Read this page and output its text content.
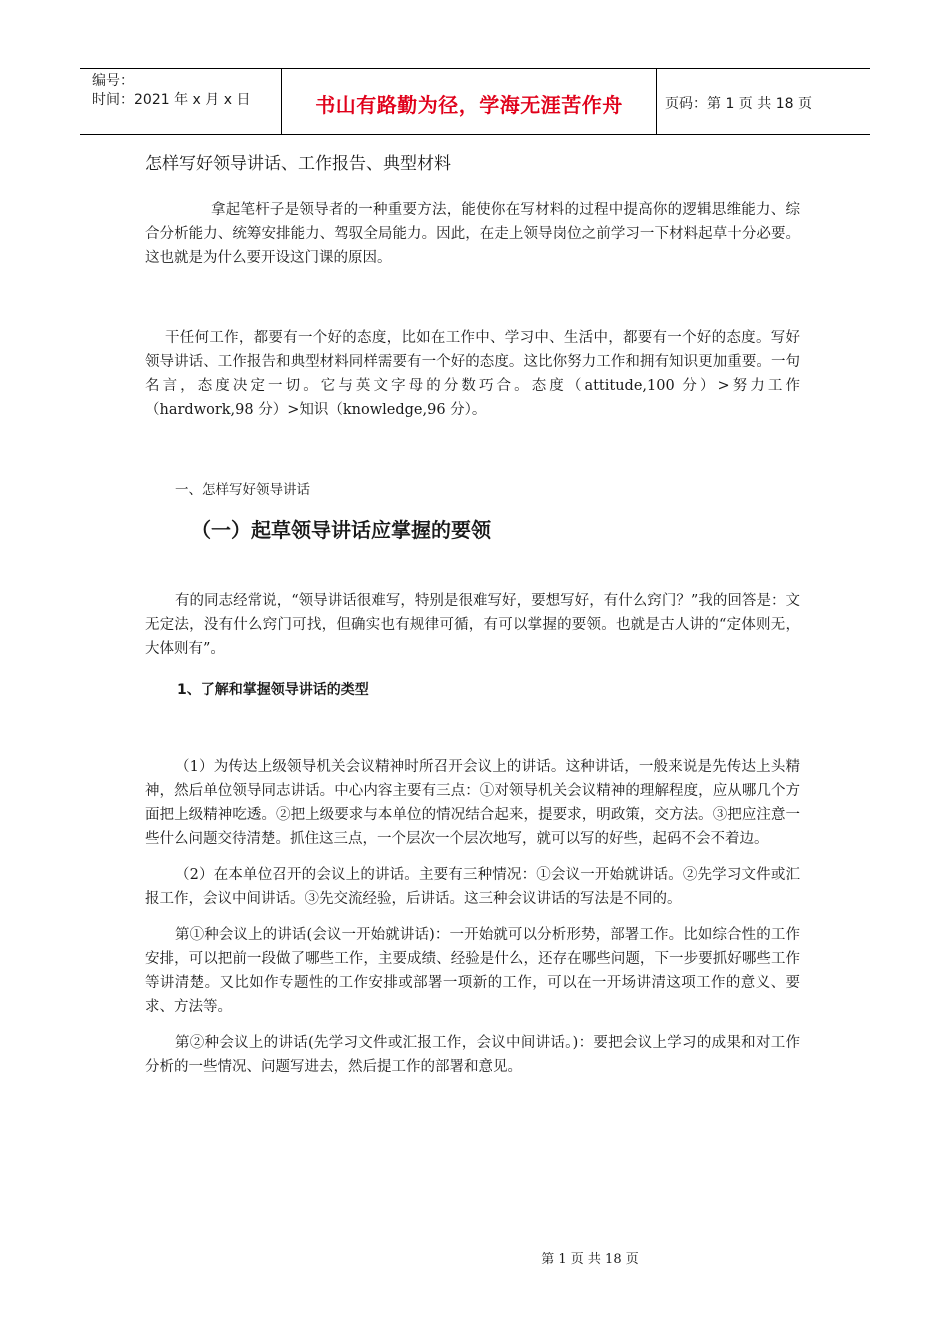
编号：
时间：2021 年 x 月 x 日	书山有路勤为径，学海无涯苦作舟	页码：第 1 页 共 18 页

怎样写好领导讲话、工作报告、典型材料

拿起笔杆子是领导者的一种重要方法，能使你在写材料的过程中提高你的逻辑思维能力、综合分析能力、统筹安排能力、驾驭全局能力。因此，在走上领导岗位之前学习一下材料起草十分必要。这也就是为什么要开设这门课的原因。

干任何工作，都要有一个好的态度，比如在工作中、学习中、生活中，都要有一个好的态度。写好领导讲话、工作报告和典型材料同样需要有一个好的态度。这比你努力工作和拥有知识更加重要。一句名言，态度决定一切。它与英文字母的分数巧合。态度（attitude,100 分）>努力工作（hardwork,98 分）>知识（knowledge,96 分）。

一、怎样写好领导讲话

（一）起草领导讲话应掌握的要领

有的同志经常说，“领导讲话很难写，特别是很难写好，要想写好，有什么窍门？”我的回答是：文无定法，没有什么窍门可找，但确实也有规律可循，有可以掌握的要领。也就是古人讲的“定体则无，大体则有”。

1、了解和掌握领导讲话的类型

（1）为传达上级领导机关会议精神时所召开会议上的讲话。这种讲话，一般来说是先传达上头精神，然后单位领导同志讲话。中心内容主要有三点：①对领导机关会议精神的理解程度，应从哪几个方面把上级精神吃透。②把上级要求与本单位的情况结合起来，提要求，明政策，交方法。③把应注意一些什么问题交待清楚。抓住这三点，一个层次一个层次地写，就可以写的好些，起码不会不着边。

（2）在本单位召开的会议上的讲话。主要有三种情况：①会议一开始就讲话。②先学习文件或汇报工作，会议中间讲话。③先交流经验，后讲话。这三种会议讲话的写法是不同的。

第①种会议上的讲话(会议一开始就讲话)：一开始就可以分析形势，部署工作。比如综合性的工作安排，可以把前一段做了哪些工作，主要成绩、经验是什么，还存在哪些问题，下一步要抓好哪些工作等讲清楚。又比如作专题性的工作安排或部署一项新的工作，可以在一开场讲清这项工作的意义、要求、方法等。

第②种会议上的讲话(先学习文件或汇报工作，会议中间讲话。)：要把会议上学习的成果和对工作分析的一些情况、问题写进去，然后提工作的部署和意见。

第 1 页 共 18 页
